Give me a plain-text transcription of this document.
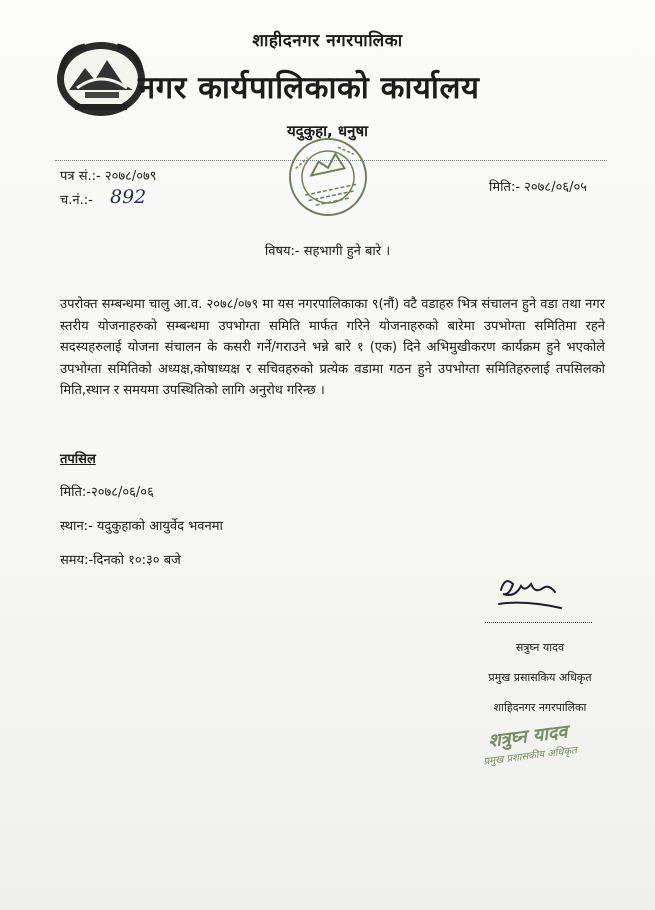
शाहीदनगर नगरपालिका
नगर कार्यपालिकाको कार्यालय
यदुकुहा, धनुषा
पत्र सं.:- २०७८/०७९
च.नं.:- 892	मिति:- २०७८/०६/०५
विषय:- सहभागी हुने बारे ।
उपरोक्त सम्बन्धमा चालु आ.व. २०७८/०७९ मा यस नगरपालिकाका ९(नौं) वटै वडाहरु भित्र संचालन हुने वडा तथा नगर स्तरीय योजनाहरुको सम्बन्धमा उपभोग्ता समिति मार्फत गरिने योजनाहरुको बारेमा उपभोग्ता समितिमा रहने सदस्यहरुलाई योजना संचालन के कसरी गर्ने/गराउने भन्ने बारे १ (एक) दिने अभिमुखीकरण कार्यक्रम हुने भएकोले उपभोग्ता समितिको अध्यक्ष,कोषाध्यक्ष र सचिवहरुको प्रत्येक वडामा गठन हुने उपभोग्ता समितिहरुलाई तपसिलको मिति,स्थान र समयमा उपस्थितिको लागि अनुरोध गरिन्छ ।
तपसिल
मिति:-२०७८/०६/०६
स्थान:- यदुकुहाको आयुर्वेद भवनमा
समय:-दिनको १०:३० बजे
सत्रुघ्न यादव
प्रमुख प्रसासकिय अधिकृत
शाहिदनगर नगरपालिका
शत्रुघ्न यादव
प्रमुख प्रशासकीय अधिकृत
